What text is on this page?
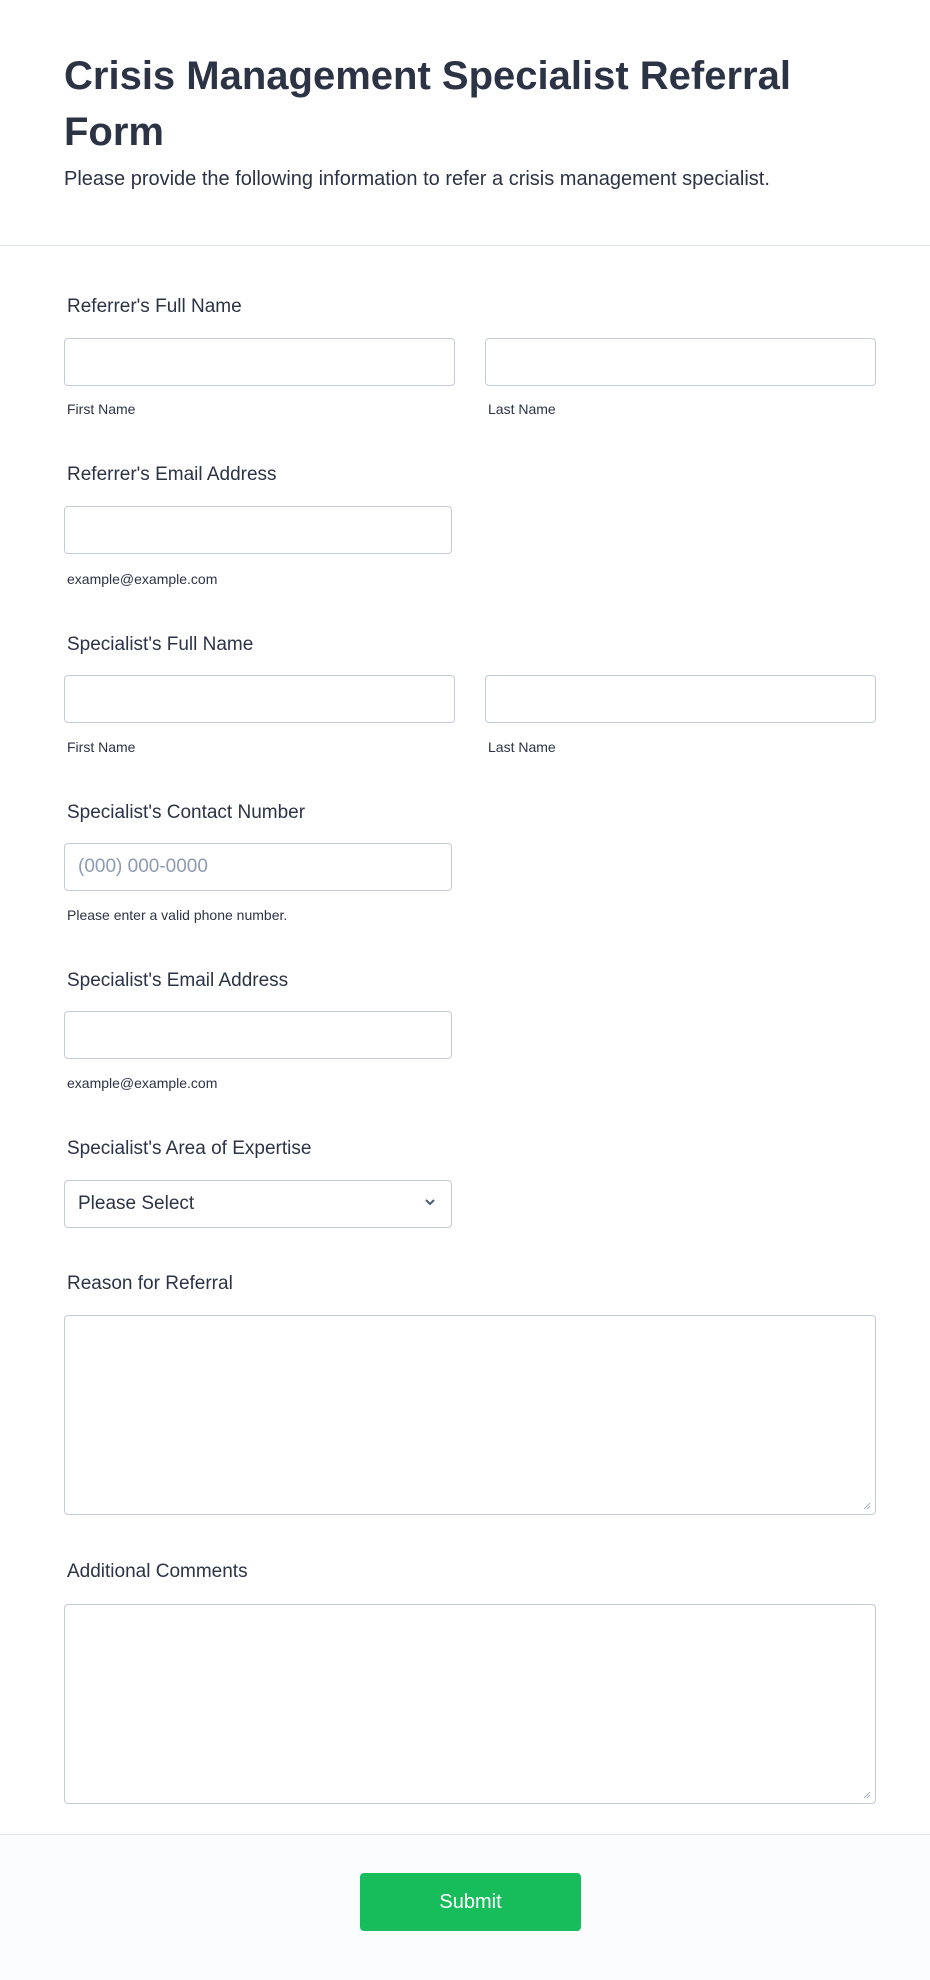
Crisis Management Specialist Referral Form
Please provide the following information to refer a crisis management specialist.
Referrer's Full Name
First Name	Last Name
Referrer's Email Address
example@example.com
Specialist's Full Name
First Name	Last Name
Specialist's Contact Number
(000) 000-0000
Please enter a valid phone number.
Specialist's Email Address
example@example.com
Specialist's Area of Expertise
Please Select
Reason for Referral
Additional Comments
Submit
